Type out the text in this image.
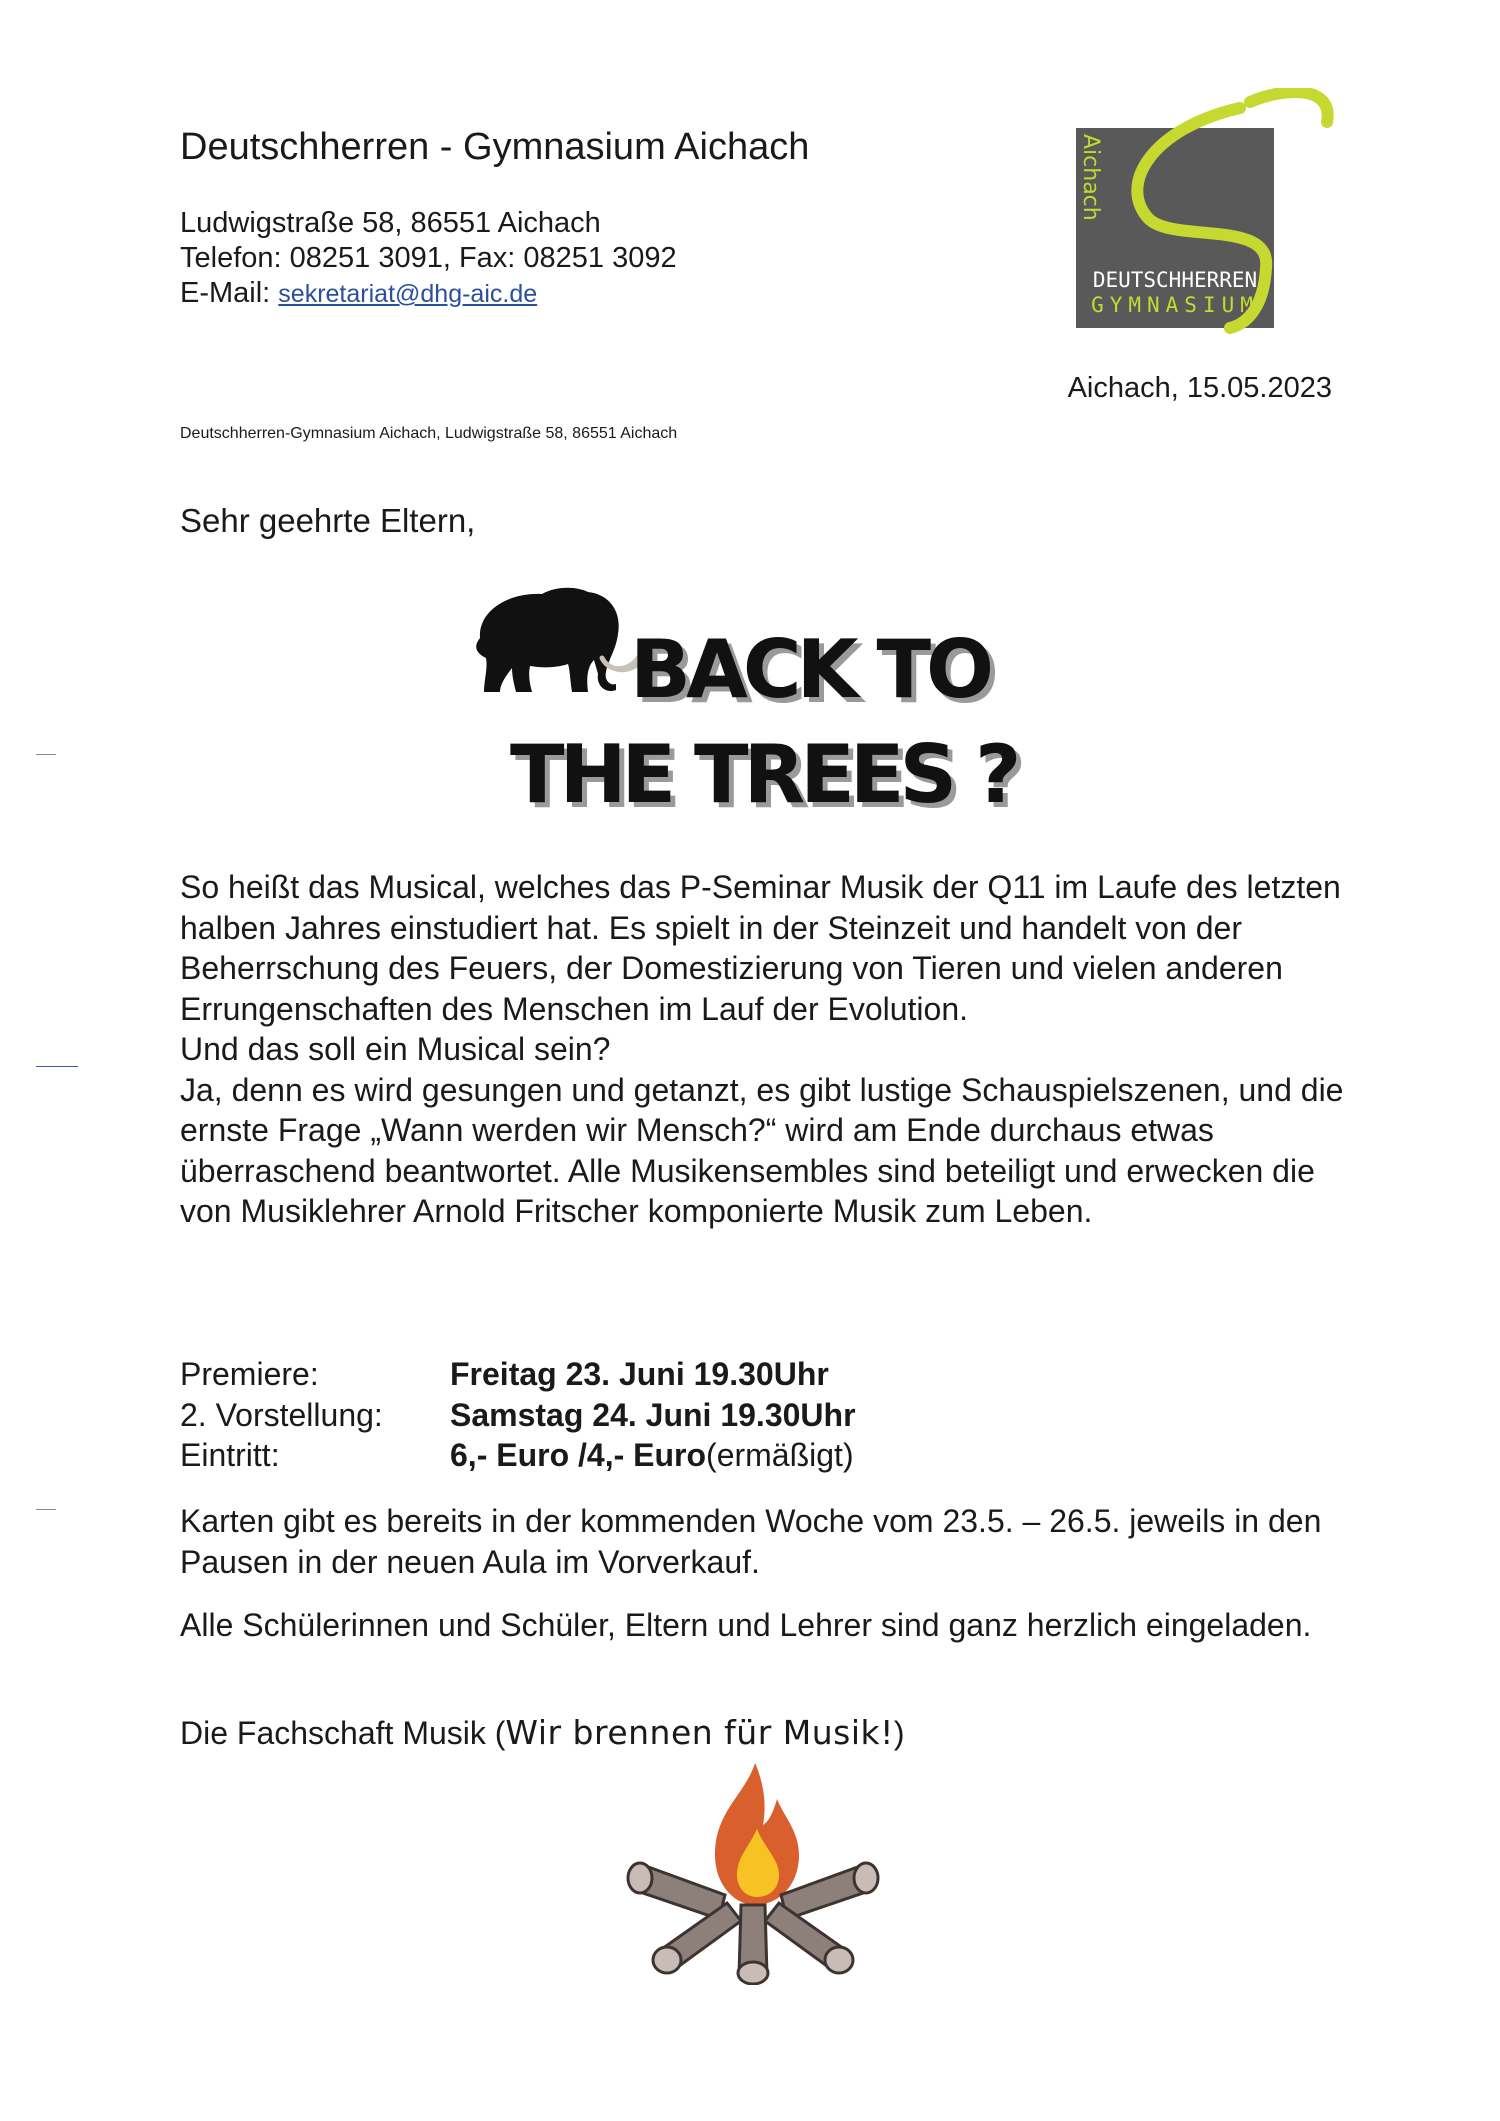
Deutschherren - Gymnasium Aichach
Ludwigstraße 58, 86551 Aichach
Telefon: 08251 3091, Fax: 08251 3092
E-Mail: sekretariat@dhg-aic.de
Aichach
DEUTSCHHERREN
GYMNASIUM
Aichach, 15.05.2023
Deutschherren-Gymnasium Aichach, Ludwigstraße 58, 86551 Aichach
Sehr geehrte Eltern,
BACK TO
THE TREES ?

So heißt das Musical, welches das P-Seminar Musik der Q11 im Laufe des letzten halben Jahres einstudiert hat. Es spielt in der Steinzeit und handelt von der Beherrschung des Feuers, der Domestizierung von Tieren und vielen anderen Errungenschaften des Menschen im Lauf der Evolution.

Und das soll ein Musical sein?

Ja, denn es wird gesungen und getanzt, es gibt lustige Schauspielszenen, und die ernste Frage „Wann werden wir Mensch?“ wird am Ende durchaus etwas überraschend beantwortet. Alle Musikensembles sind beteiligt und erwecken die von Musiklehrer Arnold Fritscher komponierte Musik zum Leben.

Premiere:	Freitag 23. Juni 19.30Uhr
2. Vorstellung:	Samstag 24. Juni 19.30Uhr
Eintritt:	6,- Euro /4,- Euro (ermäßigt)
Karten gibt es bereits in der kommenden Woche vom 23.5. – 26.5. jeweils in den Pausen in der neuen Aula im Vorverkauf.
Alle Schülerinnen und Schüler, Eltern und Lehrer sind ganz herzlich eingeladen.
Die Fachschaft Musik (Wir brennen für Musik!)
